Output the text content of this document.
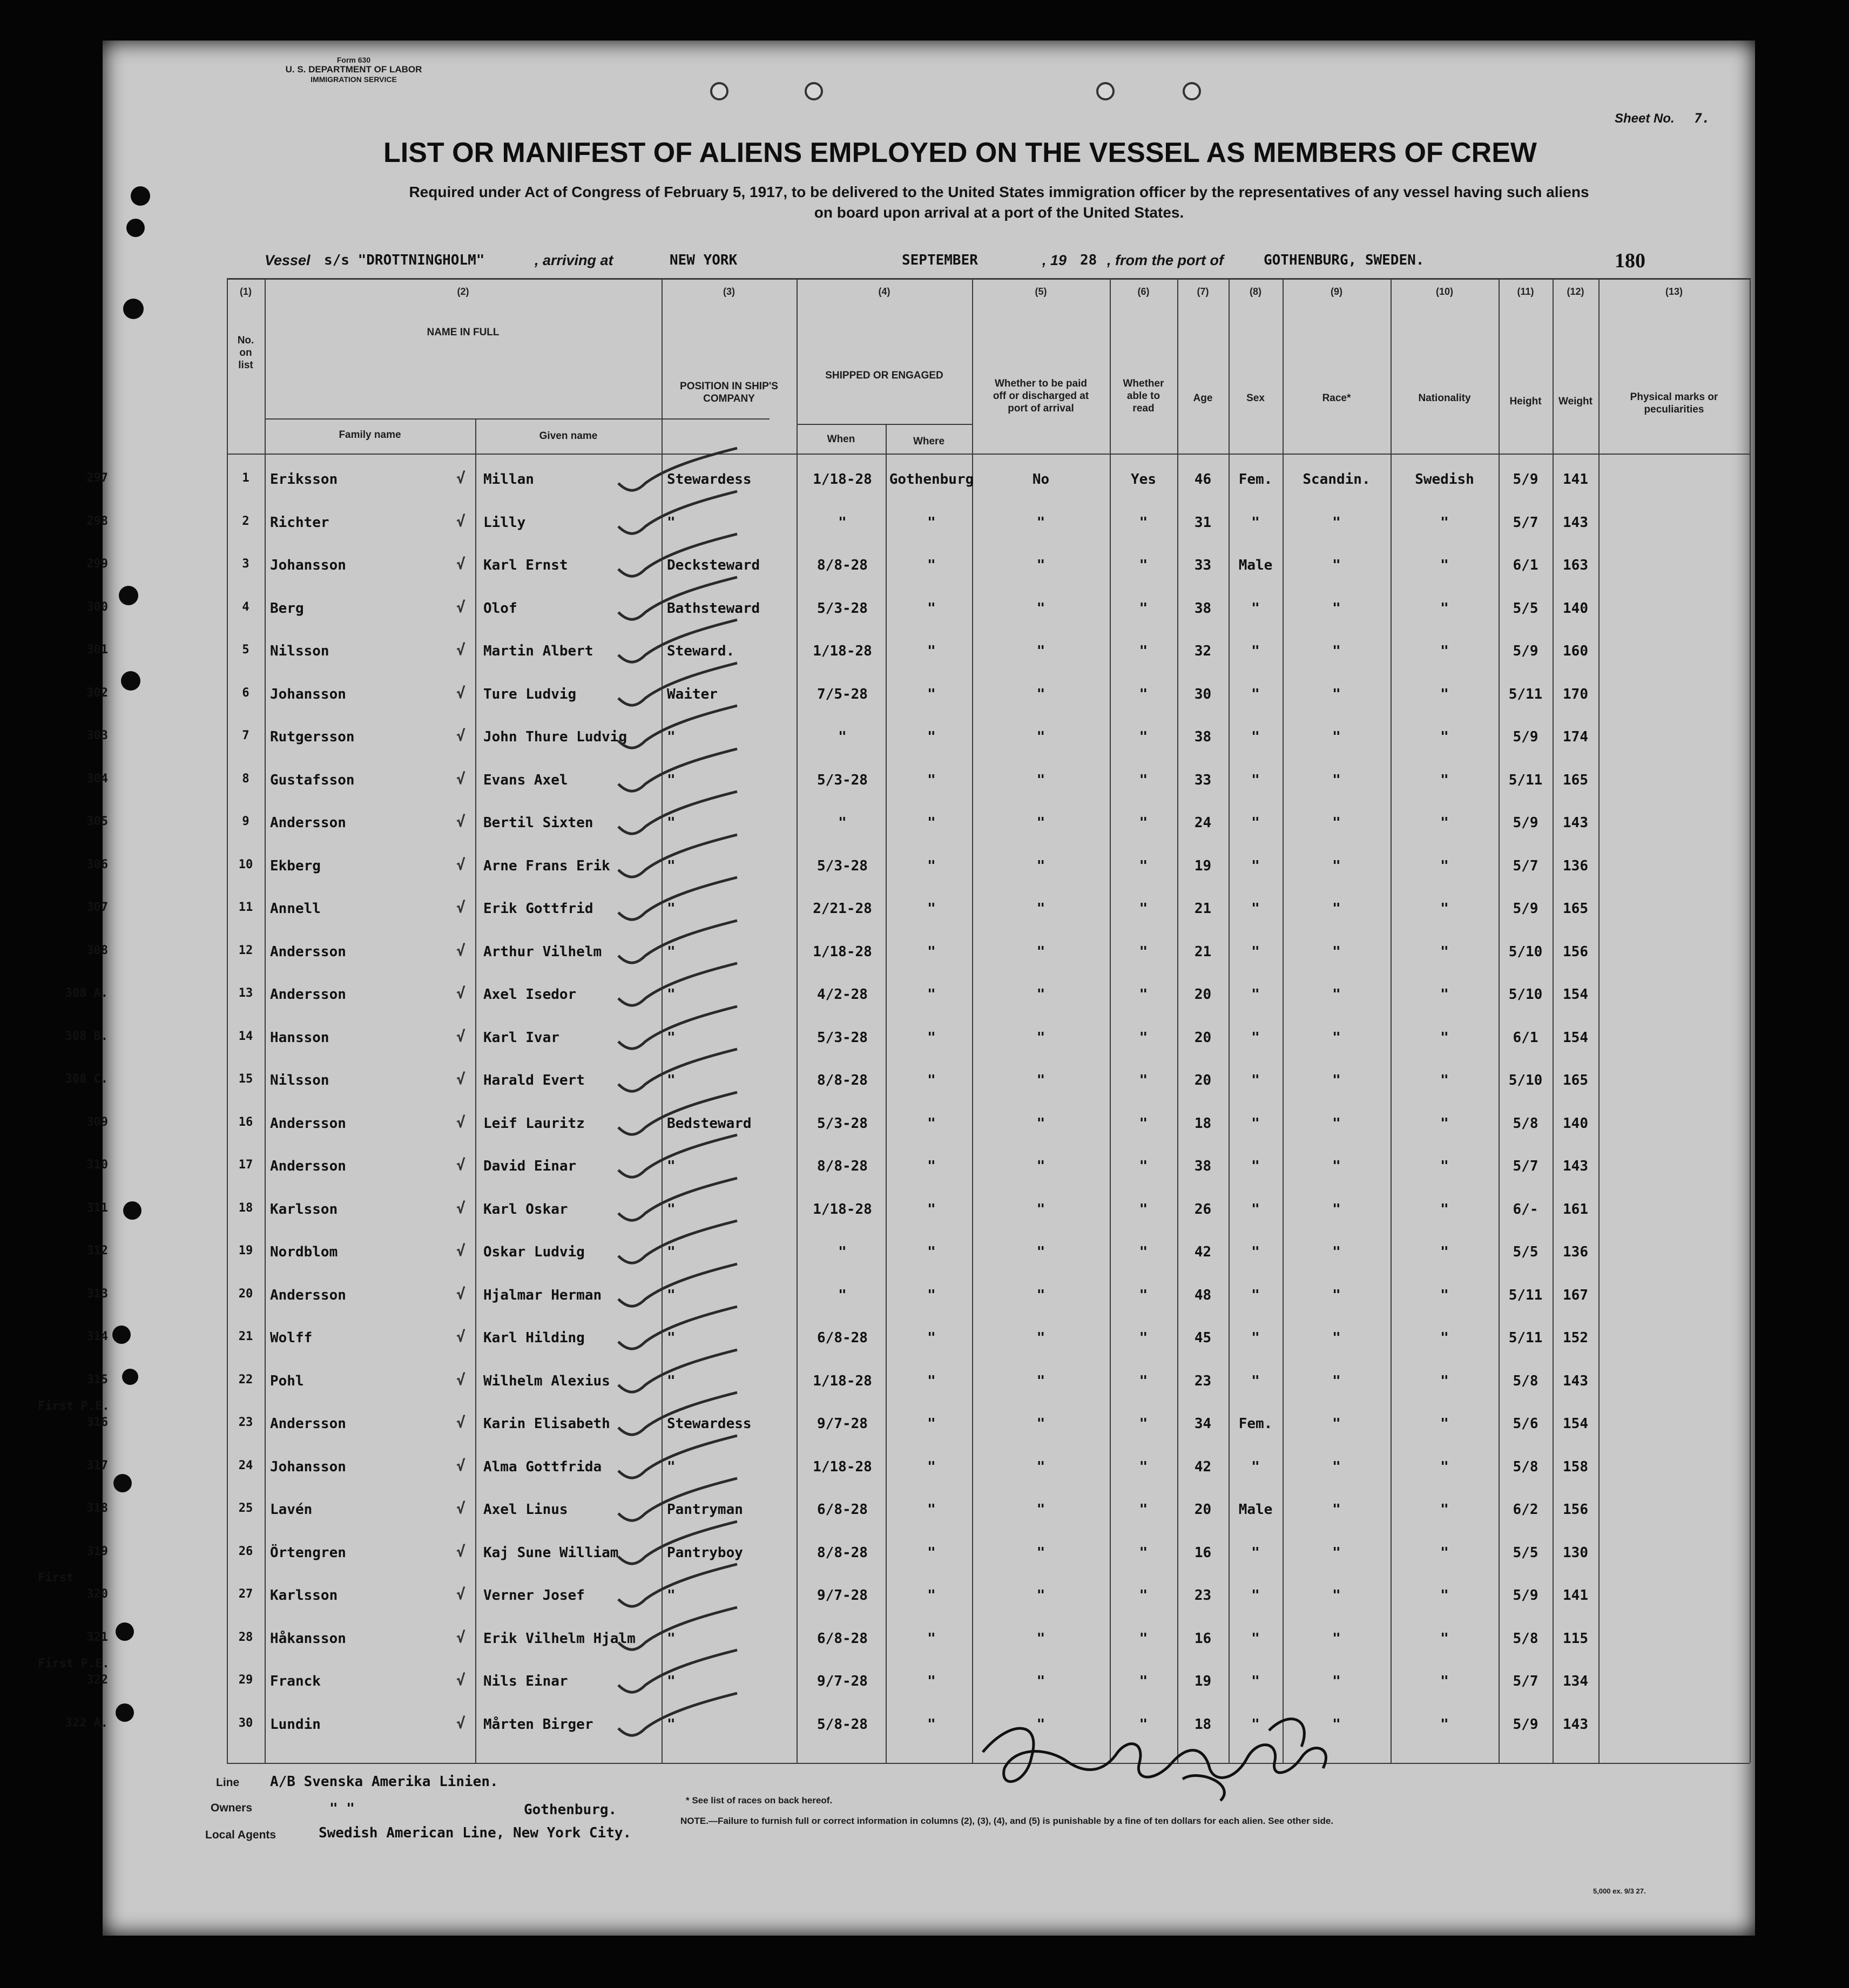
Form 630
U. S. DEPARTMENT OF LABOR
IMMIGRATION SERVICE
Sheet No. 7.
LIST OR MANIFEST OF ALIENS EMPLOYED ON THE VESSEL AS MEMBERS OF CREW
Required under Act of Congress of February 5, 1917, to be delivered to the United States immigration officer by the representatives of any vessel having such aliens
on board upon arrival at a port of the United States.
Vessel s/s "DROTTNINGHOLM"	, arriving at	NEW YORK	SEPTEMBER	, 19 28 , from the port of	GOTHENBURG, SWEDEN.	180
(1)	(2)	(3)	(4)	(5)	(6)	(7)	(8)	(9)	(10)	(11)	(12)	(13)
No.
on
list
NAME IN FULL
Family name	Given name
POSITION IN SHIP'S
COMPANY
SHIPPED OR ENGAGED
When	Where
Whether to be paid
off or discharged at
port of arrival
Whether
able to
read
Age	Sex	Race*	Nationality	Height	Weight	Physical marks or
peculiarities
297	1	Eriksson	Millan	Stewardess	1/18-28	Gothenburg	No	Yes	46	Fem.	Scandin.	Swedish	5/9	141
√
298	2	Richter	Lilly	"	"	"	"	"	31	"	"	"	5/7	143
√
299	3	Johansson	Karl Ernst	Decksteward	8/8-28	"	"	"	33	Male	"	"	6/1	163
√
300	4	Berg	Olof	Bathsteward	5/3-28	"	"	"	38	"	"	"	5/5	140
√
301	5	Nilsson	Martin Albert	Steward.	1/18-28	"	"	"	32	"	"	"	5/9	160
√
302	6	Johansson	Ture Ludvig	Waiter	7/5-28	"	"	"	30	"	"	"	5/11	170
√
303	7	Rutgersson	John Thure Ludvig	"	"	"	"	"	38	"	"	"	5/9	174
√
304	8	Gustafsson	Evans Axel	"	5/3-28	"	"	"	33	"	"	"	5/11	165
√
305	9	Andersson	Bertil Sixten	"	"	"	"	"	24	"	"	"	5/9	143
√
306	10	Ekberg	Arne Frans Erik	"	5/3-28	"	"	"	19	"	"	"	5/7	136
√
307	11	Annell	Erik Gottfrid	"	2/21-28	"	"	"	21	"	"	"	5/9	165
√
308	12	Andersson	Arthur Vilhelm	"	1/18-28	"	"	"	21	"	"	"	5/10	156
√
308 A.	13	Andersson	Axel Isedor	"	4/2-28	"	"	"	20	"	"	"	5/10	154
√
308 B.	14	Hansson	Karl Ivar	"	5/3-28	"	"	"	20	"	"	"	6/1	154
√
308 C.	15	Nilsson	Harald Evert	"	8/8-28	"	"	"	20	"	"	"	5/10	165
√
309	16	Andersson	Leif Lauritz	Bedsteward	5/3-28	"	"	"	18	"	"	"	5/8	140
√
310	17	Andersson	David Einar	"	8/8-28	"	"	"	38	"	"	"	5/7	143
√
311	18	Karlsson	Karl Oskar	"	1/18-28	"	"	"	26	"	"	"	6/-	161
√
312	19	Nordblom	Oskar Ludvig	"	"	"	"	"	42	"	"	"	5/5	136
√
313	20	Andersson	Hjalmar Herman	"	"	"	"	"	48	"	"	"	5/11	167
√
314	21	Wolff	Karl Hilding	"	6/8-28	"	"	"	45	"	"	"	5/11	152
√
315	22	Pohl	Wilhelm Alexius	"	1/18-28	"	"	"	23	"	"	"	5/8	143
√
316	23	Andersson	Karin Elisabeth	Stewardess	9/7-28	"	"	"	34	Fem.	"	"	5/6	154
First P.E.
√
317	24	Johansson	Alma Gottfrida	"	1/18-28	"	"	"	42	"	"	"	5/8	158
√
318	25	Lavén	Axel Linus	Pantryman	6/8-28	"	"	"	20	Male	"	"	6/2	156
√
319	26	Örtengren	Kaj Sune William	Pantryboy	8/8-28	"	"	"	16	"	"	"	5/5	130
√
320	27	Karlsson	Verner Josef	"	9/7-28	"	"	"	23	"	"	"	5/9	141
First
√
321	28	Håkansson	Erik Vilhelm Hjalm	"	6/8-28	"	"	"	16	"	"	"	5/8	115
√
322	29	Franck	Nils Einar	"	9/7-28	"	"	"	19	"	"	"	5/7	134
First P.E.
√
322 A.	30	Lundin	Mårten Birger	"	5/8-28	"	"	"	18	"	"	"	5/9	143
√
Line A/B Svenska Amerika Linien.
Owners	" "	Gothenburg.
Local Agents	Swedish American Line, New York City.
* See list of races on back hereof.
NOTE.—Failure to furnish full or correct information in columns (2), (3), (4), and (5) is punishable by a fine of ten dollars for each alien. See other side.
5,000 ex. 9/3 27.
